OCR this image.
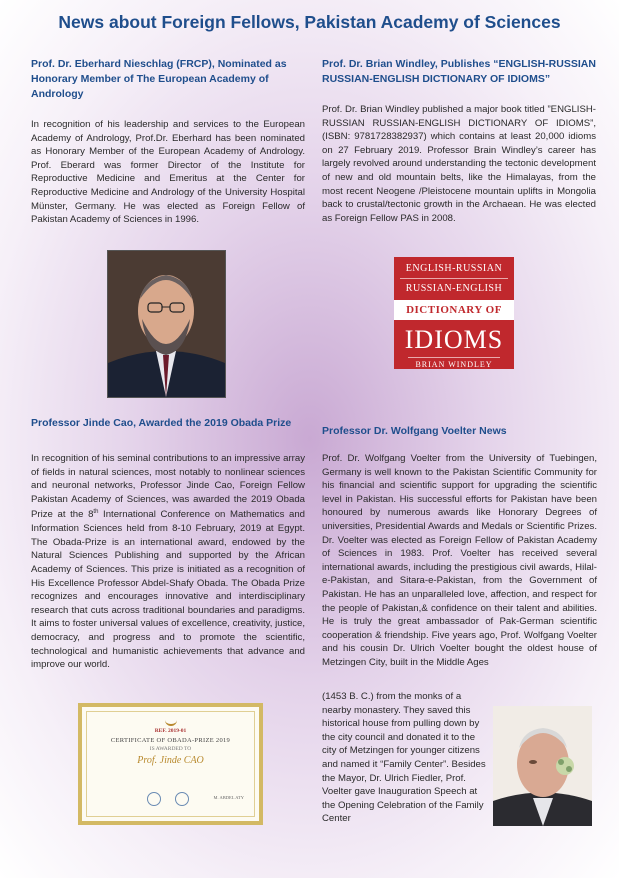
News about Foreign Fellows, Pakistan Academy of Sciences
Prof. Dr. Eberhard Nieschlag (FRCP), Nominated as Honorary Member of The European Academy of Andrology
In recognition of his leadership and services to the European Academy of Andrology, Prof.Dr. Eberhard has been nominated as Honorary Member of the European Academy of Andrology. Prof. Eberard was former Director of the Institute for Reproductive Medicine and Emeritus at the Center for Reproductive Medicine and Andrology of the University Hospital Münster, Germany. He was elected as Foreign Fellow of Pakistan Academy of Sciences in 1996.
Prof. Dr. Brian Windley, Publishes “ENGLISH-RUSSIAN RUSSIAN-ENGLISH DICTIONARY OF IDIOMS”
Prof. Dr. Brian Windley published a major book titled ”ENGLISH-RUSSIAN RUSSIAN-ENGLISH DICTIONARY OF IDIOMS”, (ISBN: 9781728382937) which contains at least 20,000 idioms on 27 February 2019. Professor Brain Windley’s career has largely revolved around understanding the tectonic development of new and old mountain belts, like the Himalayas, from the most recent Neogene /Pleistocene mountain uplifts in Mongolia back to crustal/tectonic growth in the Archaean. He was elected as Foreign Fellow PAS in 2008.
ENGLISH-RUSSIAN
RUSSIAN-ENGLISH
DICTIONARY OF
IDIOMS
BRIAN WINDLEY
Professor Jinde Cao, Awarded the 2019 Obada Prize
In recognition of his seminal contributions to an impressive array of fields in natural sciences, most notably to nonlinear sciences and neuronal networks, Professor Jinde Cao, Foreign Fellow Pakistan Academy of Sciences, was awarded the 2019 Obada Prize at the 8th International Conference on Mathematics and Information Sciences held from 8-10 February, 2019 at Egypt. The Obada-Prize is an international award, endowed by the Natural Sciences Publishing and supported by the African Academy of Sciences. This prize is initiated as a recognition of His Excellence Professor Abdel-Shafy Obada. The Obada Prize recognizes and encourages innovative and interdisciplinary research that cuts across traditional boundaries and paradigms. It aims to foster universal values of excellence, creativity, justice, democracy, and progress and to promote the scientific, technological and humanistic achievements that advance and improve our world.
REF. 2019-01
CERTIFICATE OF OBADA-PRIZE 2019
IS AWARDED TO
Prof. Jinde CAO
M. ABDEL ATY
Professor Dr. Wolfgang Voelter News
Prof. Dr. Wolfgang Voelter from the University of Tuebingen, Germany is well known to the Pakistan Scientific Community for his financial and scientific support for upgrading the scientific level in Pakistan. His successful efforts for Pakistan have been honoured by numerous awards like Honorary Degrees of universities, Presidential Awards and Medals or Scientific Prizes. Dr. Voelter was elected as Foreign Fellow of Pakistan Academy of Sciences in 1983. Prof. Voelter has received several international awards, including the prestigious civil awards, Hilal-e-Pakistan, and Sitara-e-Pakistan, from the Government of Pakistan. He has an unparalleled love, affection, and respect for the people of Pakistan,& confidence on their talent and abilities. He is truly the great ambassador of Pak-German scientific cooperation & friendship. Five years ago, Prof. Wolfgang Voelter and his cousin Dr. Ulrich Voelter bought the oldest house of Metzingen City, built in the Middle Ages
(1453 B. C.) from the monks of a nearby monastery. They saved this historical house from pulling down by the city council and donated it to the city of Metzingen for younger citizens and named it “Family Center”. Besides the Mayor, Dr. Ulrich Fiedler, Prof. Voelter gave Inauguration Speech at the Opening Celebration of the Family Center
